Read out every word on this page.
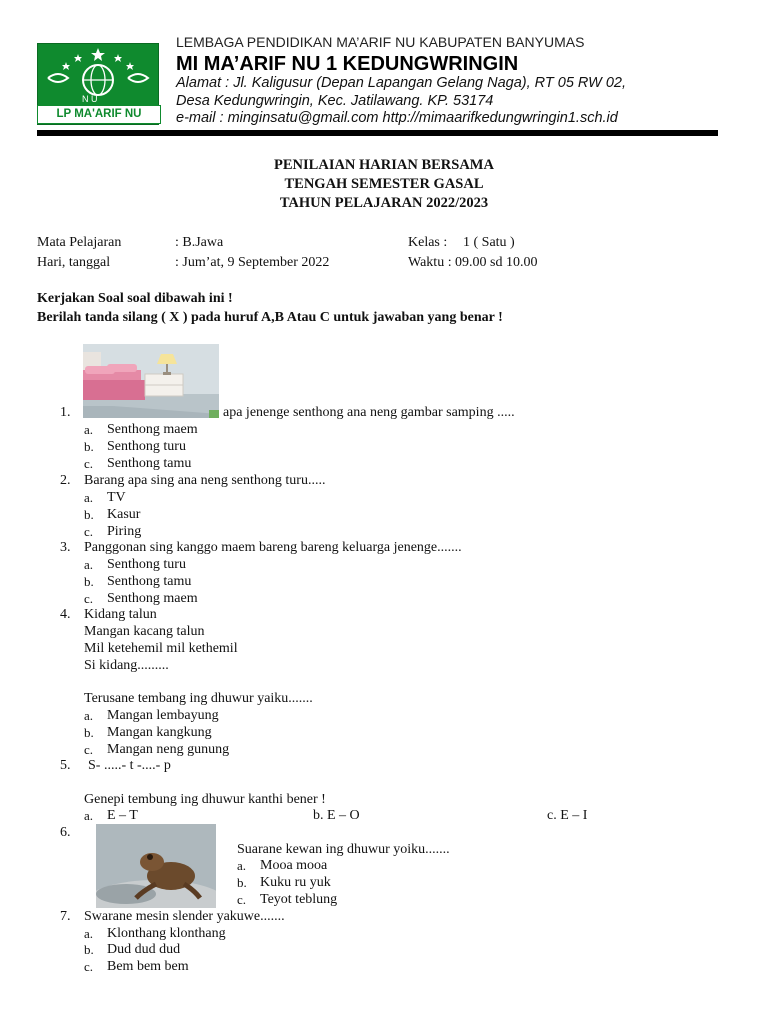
N U
LP MA'ARIF NU
LEMBAGA PENDIDIKAN MA’ARIF NU KABUPATEN BANYUMAS
MI MA’ARIF NU 1 KEDUNGWRINGIN
Alamat : Jl. Kaligusur (Depan Lapangan Gelang Naga), RT 05 RW 02,
Desa Kedungwringin, Kec. Jatilawang. KP. 53174
e-mail : minginsatu@gmail.com http://mimaarifkedungwringin1.sch.id
PENILAIAN HARIAN BERSAMA
TENGAH SEMESTER GASAL
TAHUN PELAJARAN 2022/2023
Mata Pelajaran	: B.Jawa	Kelas : 1 ( Satu )
Hari, tanggal	: Jum’at, 9 September 2022	Waktu : 09.00 sd 10.00
Kerjakan Soal soal dibawah ini !
Berilah tanda silang ( X ) pada huruf A,B Atau C untuk jawaban yang benar !
1.	apa jenenge senthong ana neng gambar samping .....
a. Senthong maem
b. Senthong turu
c. Senthong tamu
2. Barang apa sing ana neng senthong turu.....
a. TV
b. Kasur
c. Piring
3. Panggonan sing kanggo maem bareng bareng keluarga jenenge.......
a. Senthong turu
b. Senthong tamu
c. Senthong maem
4. Kidang talun
Mangan kacang talun
Mil ketehemil mil kethemil
Si kidang.........
Terusane tembang ing dhuwur yaiku.......
a. Mangan lembayung
b. Mangan kangkung
c. Mangan neng gunung
5. S- .....- t -....- p
Genepi tembung ing dhuwur kanthi bener !
a. E – T	b. E – O	c. E – I
6.
Suarane kewan ing dhuwur yoiku.......
a. Mooa mooa
b. Kuku ru yuk
c. Teyot teblung
7. Swarane mesin slender yakuwe.......
a. Klonthang klonthang
b. Dud dud dud
c. Bem bem bem
